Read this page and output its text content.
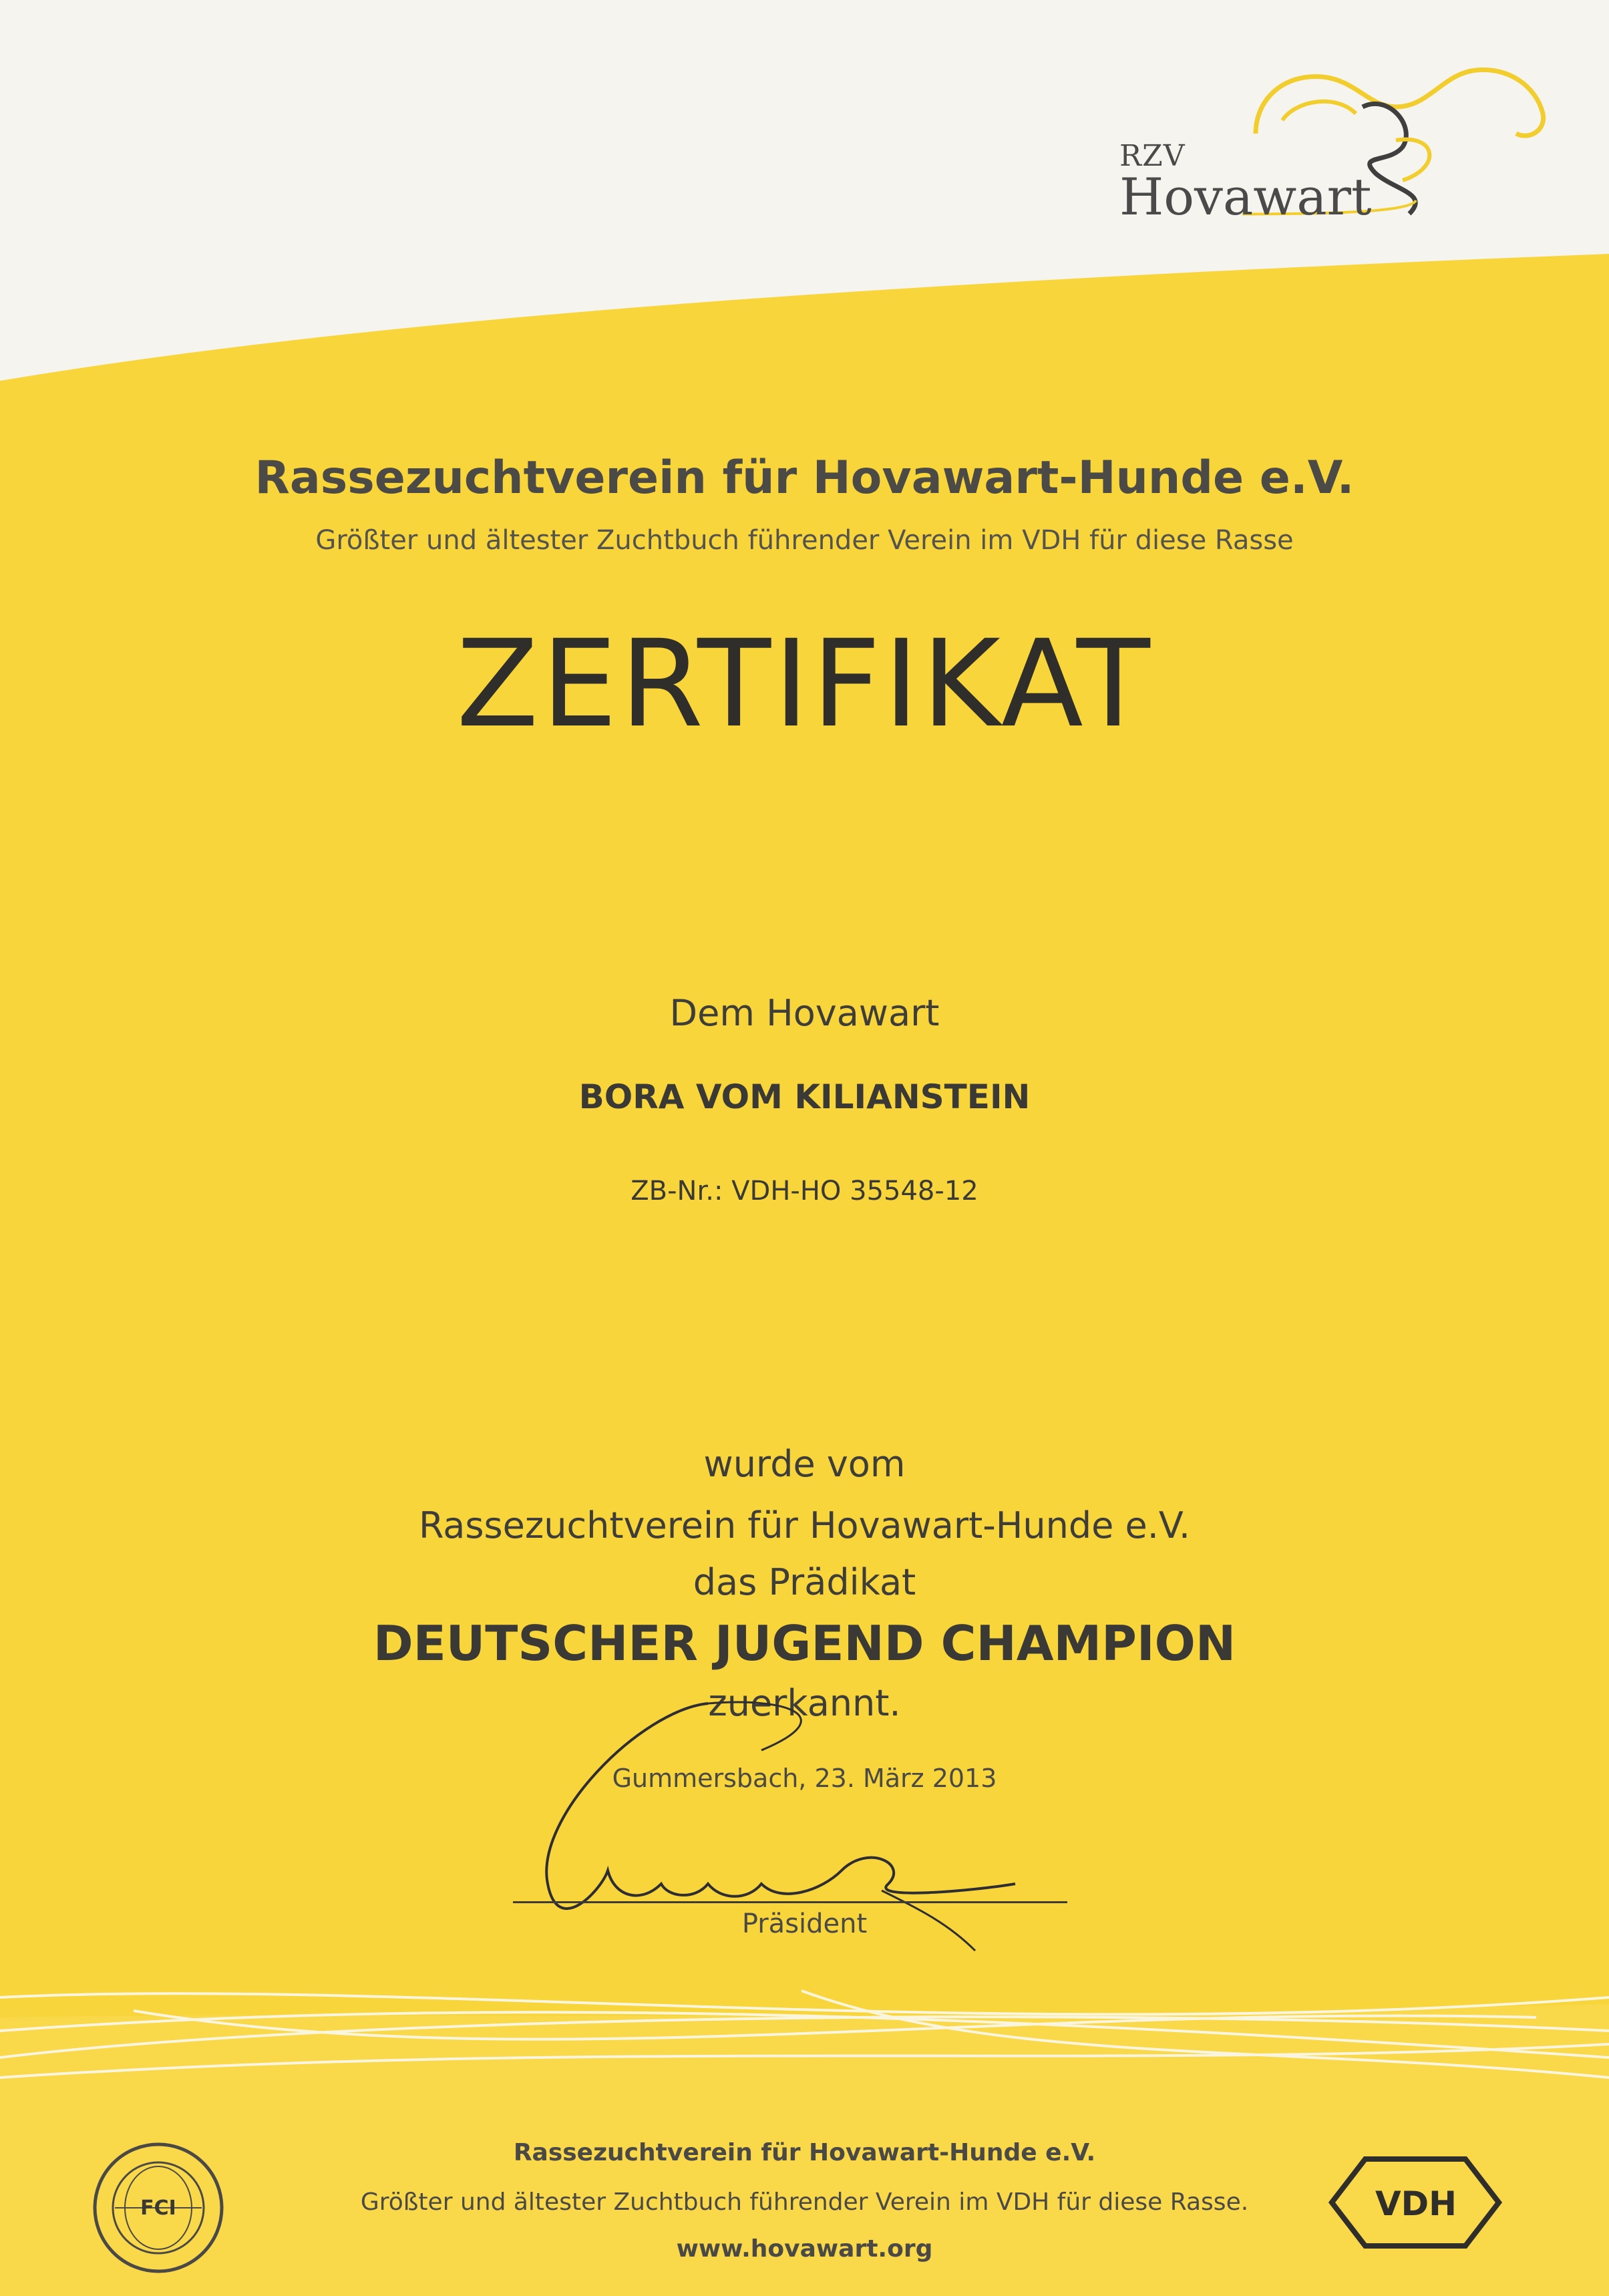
RZV
Hovawart
Rassezuchtverein für Hovawart-Hunde e.V.
Größter und ältester Zuchtbuch führender Verein im VDH für diese Rasse
ZERTIFIKAT
Dem Hovawart
BORA VOM KILIANSTEIN
ZB-Nr.: VDH-HO 35548-12
wurde vom
Rassezuchtverein für Hovawart-Hunde e.V.
das Prädikat
DEUTSCHER JUGEND CHAMPION
zuerkannt.
Gummersbach, 23. März 2013
Präsident
Rassezuchtverein für Hovawart-Hunde e.V.
Größter und ältester Zuchtbuch führender Verein im VDH für diese Rasse.
www.hovawart.org
FCI	VDH
